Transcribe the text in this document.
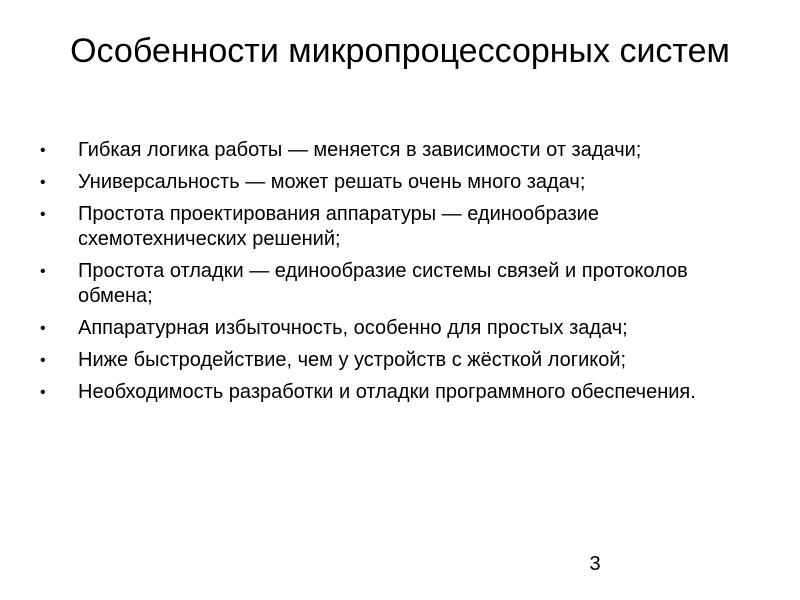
Особенности микропроцессорных систем
•	Гибкая логика работы — меняется в зависимости от задачи;
•	Универсальность — может решать очень много задач;
•	Простота проектирования аппаратуры — единообразие схемотехнических решений;
•	Простота отладки — единообразие системы связей и протоколов обмена;
•	Аппаратурная избыточность, особенно для простых задач;
•	Ниже быстродействие, чем у устройств с жёсткой логикой;
•	Необходимость разработки и отладки программного обеспечения.
3
